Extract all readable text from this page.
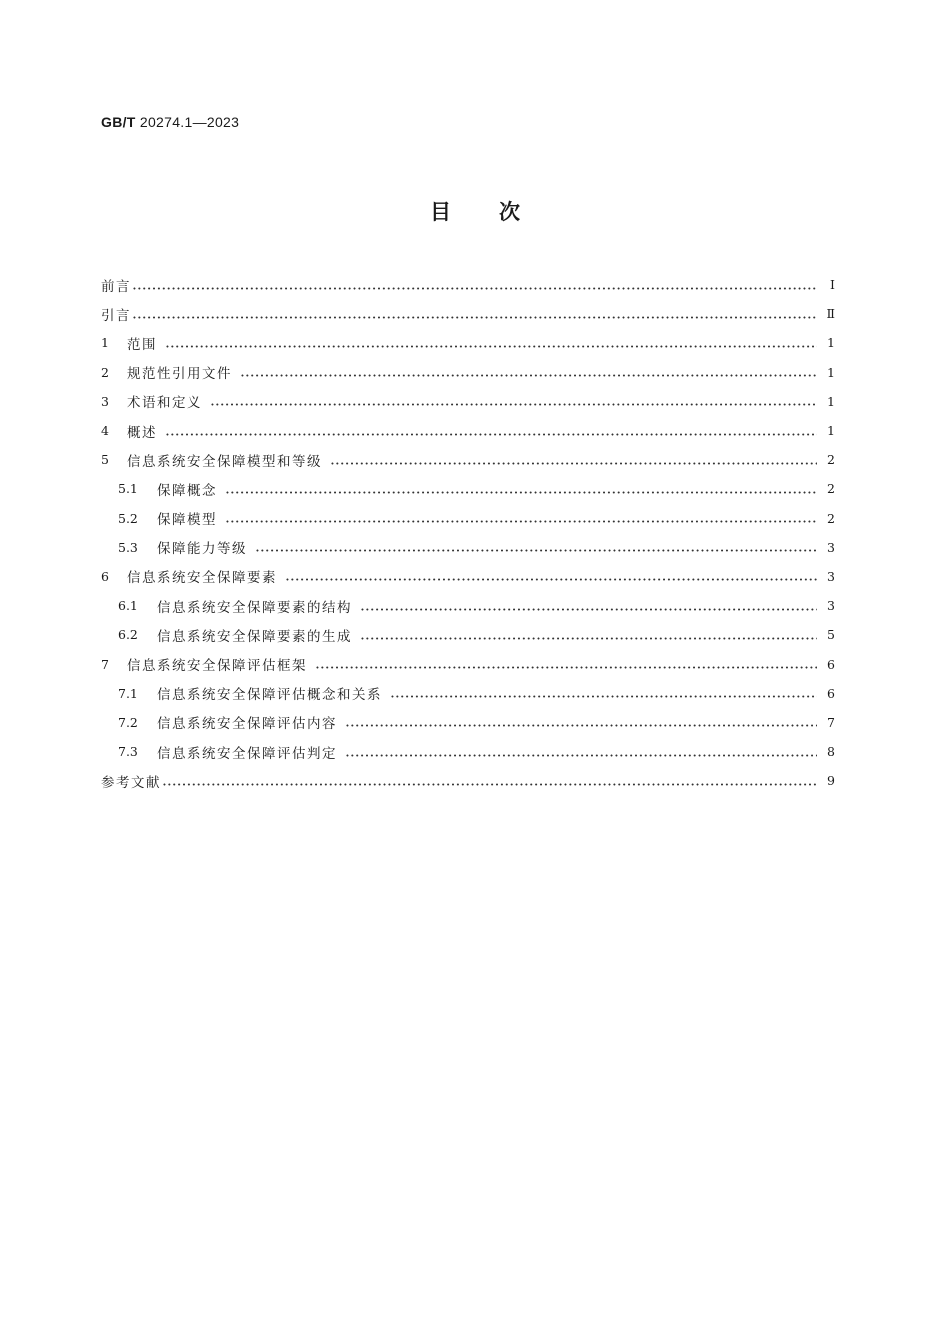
GB/T 20274.1—2023
目次
前言	Ⅰ
引言	Ⅱ
1	范围	1
2	规范性引用文件	1
3	术语和定义	1
4	概述	1
5	信息系统安全保障模型和等级	2
5.1	保障概念	2
5.2	保障模型	2
5.3	保障能力等级	3
6	信息系统安全保障要素	3
6.1	信息系统安全保障要素的结构	3
6.2	信息系统安全保障要素的生成	5
7	信息系统安全保障评估框架	6
7.1	信息系统安全保障评估概念和关系	6
7.2	信息系统安全保障评估内容	7
7.3	信息系统安全保障评估判定	8
参考文献	9
